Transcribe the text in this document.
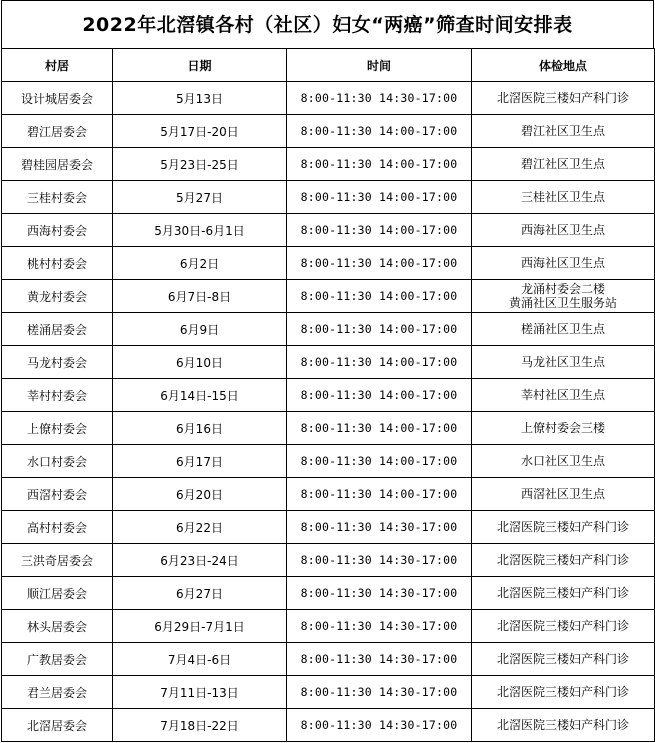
2022年北滘镇各村（社区）妇女“两癌”筛查时间安排表
村居	日期	时间	体检地点
设计城居委会	5月13日	8:00-11:30 14:30-17:00	北滘医院三楼妇产科门诊

碧江居委会	5月17日-20日	8:00-11:30 14:00-17:00	碧江社区卫生点

碧桂园居委会	5月23日-25日	8:00-11:30 14:00-17:00	碧江社区卫生点

三桂村委会	5月27日	8:00-11:30 14:00-17:00	三桂社区卫生点

西海村委会	5月30日-6月1日	8:00-11:30 14:00-17:00	西海社区卫生点

桃村村委会	6月2日	8:00-11:30 14:00-17:00	西海社区卫生点

黄龙村委会	6月7日-8日	8:00-11:30 14:00-17:00	龙涌村委会二楼
黄涌社区卫生服务站

槎涌居委会	6月9日	8:00-11:30 14:00-17:00	槎涌社区卫生点

马龙村委会	6月10日	8:00-11:30 14:00-17:00	马龙社区卫生点

莘村村委会	6月14日-15日	8:00-11:30 14:00-17:00	莘村社区卫生点

上僚村委会	6月16日	8:00-11:30 14:00-17:00	上僚村委会三楼

水口村委会	6月17日	8:00-11:30 14:00-17:00	水口社区卫生点

西滘村委会	6月20日	8:00-11:30 14:00-17:00	西滘社区卫生点

高村村委会	6月22日	8:00-11:30 14:30-17:00	北滘医院三楼妇产科门诊

三洪奇居委会	6月23日-24日	8:00-11:30 14:30-17:00	北滘医院三楼妇产科门诊

顺江居委会	6月27日	8:00-11:30 14:30-17:00	北滘医院三楼妇产科门诊

林头居委会	6月29日-7月1日	8:00-11:30 14:30-17:00	北滘医院三楼妇产科门诊

广教居委会	7月4日-6日	8:00-11:30 14:30-17:00	北滘医院三楼妇产科门诊

君兰居委会	7月11日-13日	8:00-11:30 14:30-17:00	北滘医院三楼妇产科门诊

北滘居委会	7月18日-22日	8:00-11:30 14:30-17:00	北滘医院三楼妇产科门诊
